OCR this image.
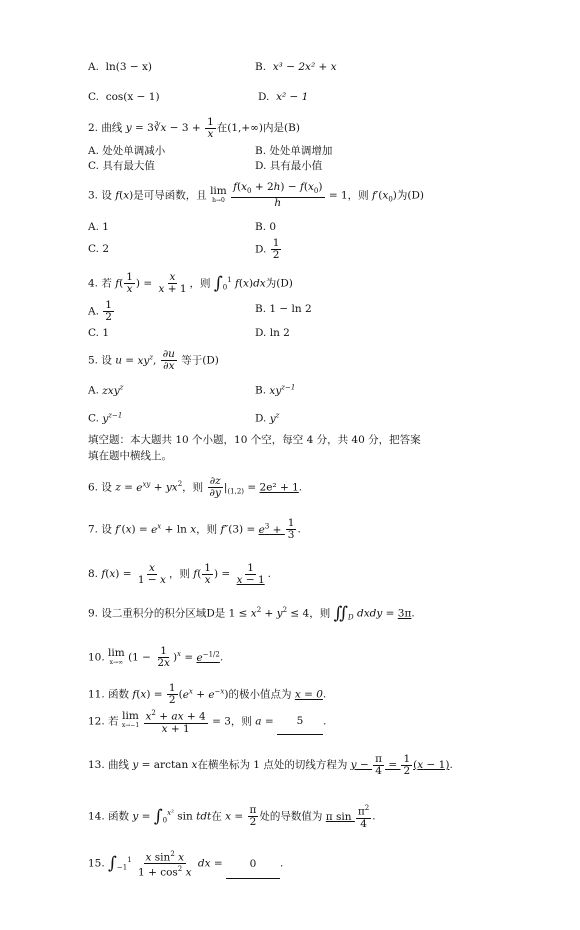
A. ln(3 − x)	B. x³ − 2x² + x
C. cos(x − 1)	D. x² − 1
2. 曲线 y = 3∛x − $3 + \frac{1}{x}$ 在(1,+∞)内是(B)
A. 处处单调减小	B. 处处单调增加
C. 具有最大值	D. 具有最小值
3. 设 f(x)是可导函数，且 lim
h→0
$\frac{f(x_0 + 2h) - f(x_0)}{h} = 1$，则 $f'(x_0)$为(D)
A. 1	B. 0
C. 2	D. $\frac{1}{2}$
4. 若 $f( \frac{1}{x}$ ) = $\frac{x}{x + 1}$ ，则 $\int_0^1$ f(x)dx为(D)
A. $\frac{1}{2}$	B. 1 − ln 2
C. 1	D. ln 2
5. 设 $u = xy^z$, $\frac{\partial u}{\partial x}$ 等于(D)
A. zxy$^z$	B. $xy^{z-1}$
C. $y^{z-1}$	D. $y^z$
填空题：本大题共 10 个小题，10 个空，每空 4 分，共 40 分，把答案填在题中横线上。
6. 设 $z = e^{xy} + yx^2$，则 $\frac{\partial z}{\partial y} |_{(1,2)} = 2e^2 + 1$.
7. 设 $f'(x) = e^x + \ln x$，则 $f''(3) = e^3 + \frac{1}{3}$ .
8. $f(x) = \frac{x}{1 - x}$ ，则 $f( \frac{1}{x}$ ) = $\frac{1}{x - 1}$ .
9. 设二重积分的积分区域D是 $1 \le x^2 + y^2 \le 4$，则 $∬_D$ dxdy = 3π.
10. lim
x→∞ $(1 - \frac{1}{2x} )^x = e^{-1/2}$.
11. 函数 $f(x) = \frac{1}{2} (e^x + e^{-x})$的极小值点为 x = 0.
12. 若 lim
x→−1
$\frac{x^2 + ax + 4}{x + 1} = 3$，则 a = 5 .
13. 曲线 y = arctan x在横坐标为 1 点处的切线方程为 $y - \frac{\pi}{4} = \frac{1}{2} (x - 1)$.
14. 函数 $y = \int_0^{x^2}$ sin tdt在 $x = \frac{\pi}{2}$ 处的导数值为 π $\sin \frac{\pi^2}{4}$ .
15. $\int_{-1}^1 \frac{x \sin^2 x}{1 + \cos^2 x}$ dx = 0 .
